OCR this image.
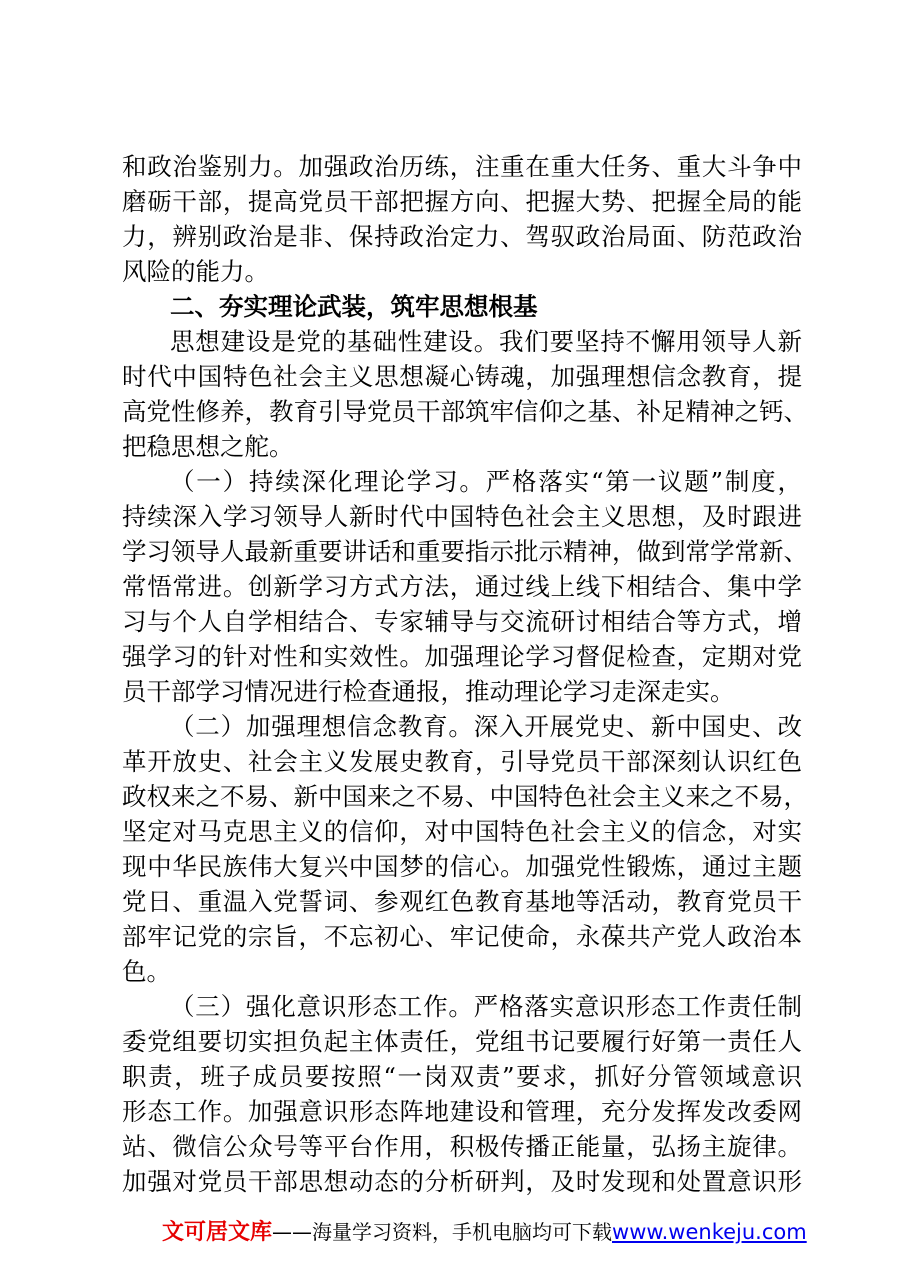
和政治鉴别力。加强政治历练，注重在重大任务、重大斗争中
磨砺干部，提高党员干部把握方向、把握大势、把握全局的能
力，辨别政治是非、保持政治定力、驾驭政治局面、防范政治
风险的能力。
二、夯实理论武装，筑牢思想根基
思想建设是党的基础性建设。我们要坚持不懈用领导人新
时代中国特色社会主义思想凝心铸魂，加强理想信念教育，提
高党性修养，教育引导党员干部筑牢信仰之基、补足精神之钙、
把稳思想之舵。
（一）持续深化理论学习。严格落实“第一议题”制度，
持续深入学习领导人新时代中国特色社会主义思想，及时跟进
学习领导人最新重要讲话和重要指示批示精神，做到常学常新、
常悟常进。创新学习方式方法，通过线上线下相结合、集中学
习与个人自学相结合、专家辅导与交流研讨相结合等方式，增
强学习的针对性和实效性。加强理论学习督促检查，定期对党
员干部学习情况进行检查通报，推动理论学习走深走实。
（二）加强理想信念教育。深入开展党史、新中国史、改
革开放史、社会主义发展史教育，引导党员干部深刻认识红色
政权来之不易、新中国来之不易、中国特色社会主义来之不易，
坚定对马克思主义的信仰，对中国特色社会主义的信念，对实
现中华民族伟大复兴中国梦的信心。加强党性锻炼，通过主题
党日、重温入党誓词、参观红色教育基地等活动，教育党员干
部牢记党的宗旨，不忘初心、牢记使命，永葆共产党人政治本
色。
（三）强化意识形态工作。严格落实意识形态工作责任制
委党组要切实担负起主体责任，党组书记要履行好第一责任人
职责，班子成员要按照“一岗双责”要求，抓好分管领域意识
形态工作。加强意识形态阵地建设和管理，充分发挥发改委网
站、微信公众号等平台作用，积极传播正能量，弘扬主旋律。
加强对党员干部思想动态的分析研判，及时发现和处置意识形
文可居文库——海量学习资料，手机电脑均可下载www.wenkeju.com
